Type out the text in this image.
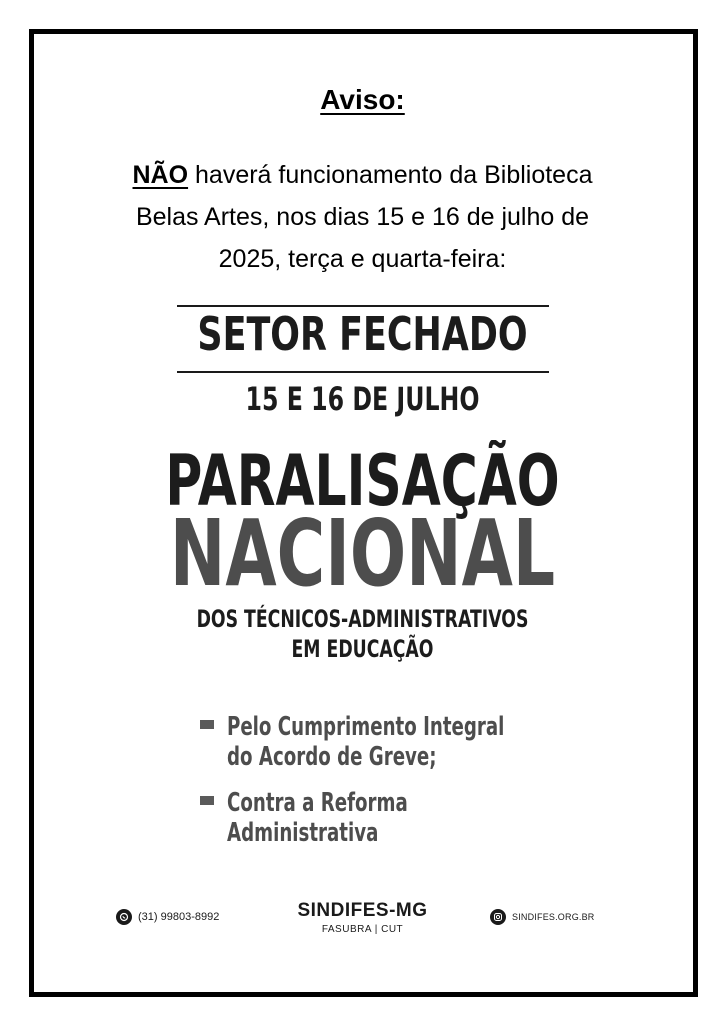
Aviso:
NÃO haverá funcionamento da Biblioteca
Belas Artes, nos dias 15 e 16 de julho de
2025, terça e quarta-feira:
SETOR FECHADO
15 E 16 DE JULHO
PARALISAÇÃO
NACIONAL
DOS TÉCNICOS-ADMINISTRATIVOS
EM EDUCAÇÃO
Pelo Cumprimento Integral
do Acordo de Greve;
Contra a Reforma
Administrativa
(31) 99803-8992	SINDIFES-MG
FASUBRA | CUT
SINDIFES.ORG.BR
